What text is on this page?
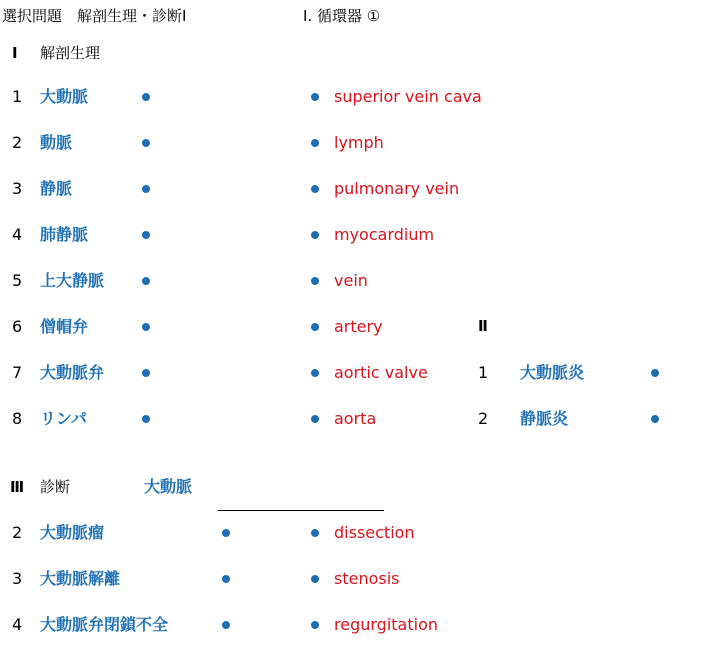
選択問題　解剖生理・診断Ⅰ	Ⅰ. 循環器 ①
Ⅰ 解剖生理
1 大動脈	superior vein cava
2 動脈	lymph
3 静脈	pulmonary vein
4 肺静脈	myocardium
5 上大静脈	vein
6 僧帽弁	artery
7 大動脈弁	aortic valve
8 リンパ	aorta
Ⅱ
1 大動脈炎
2 静脈炎
Ⅲ 診断	大動脈
2 大動脈瘤	dissection
3 大動脈解離	stenosis
4 大動脈弁閉鎖不全	regurgitation
